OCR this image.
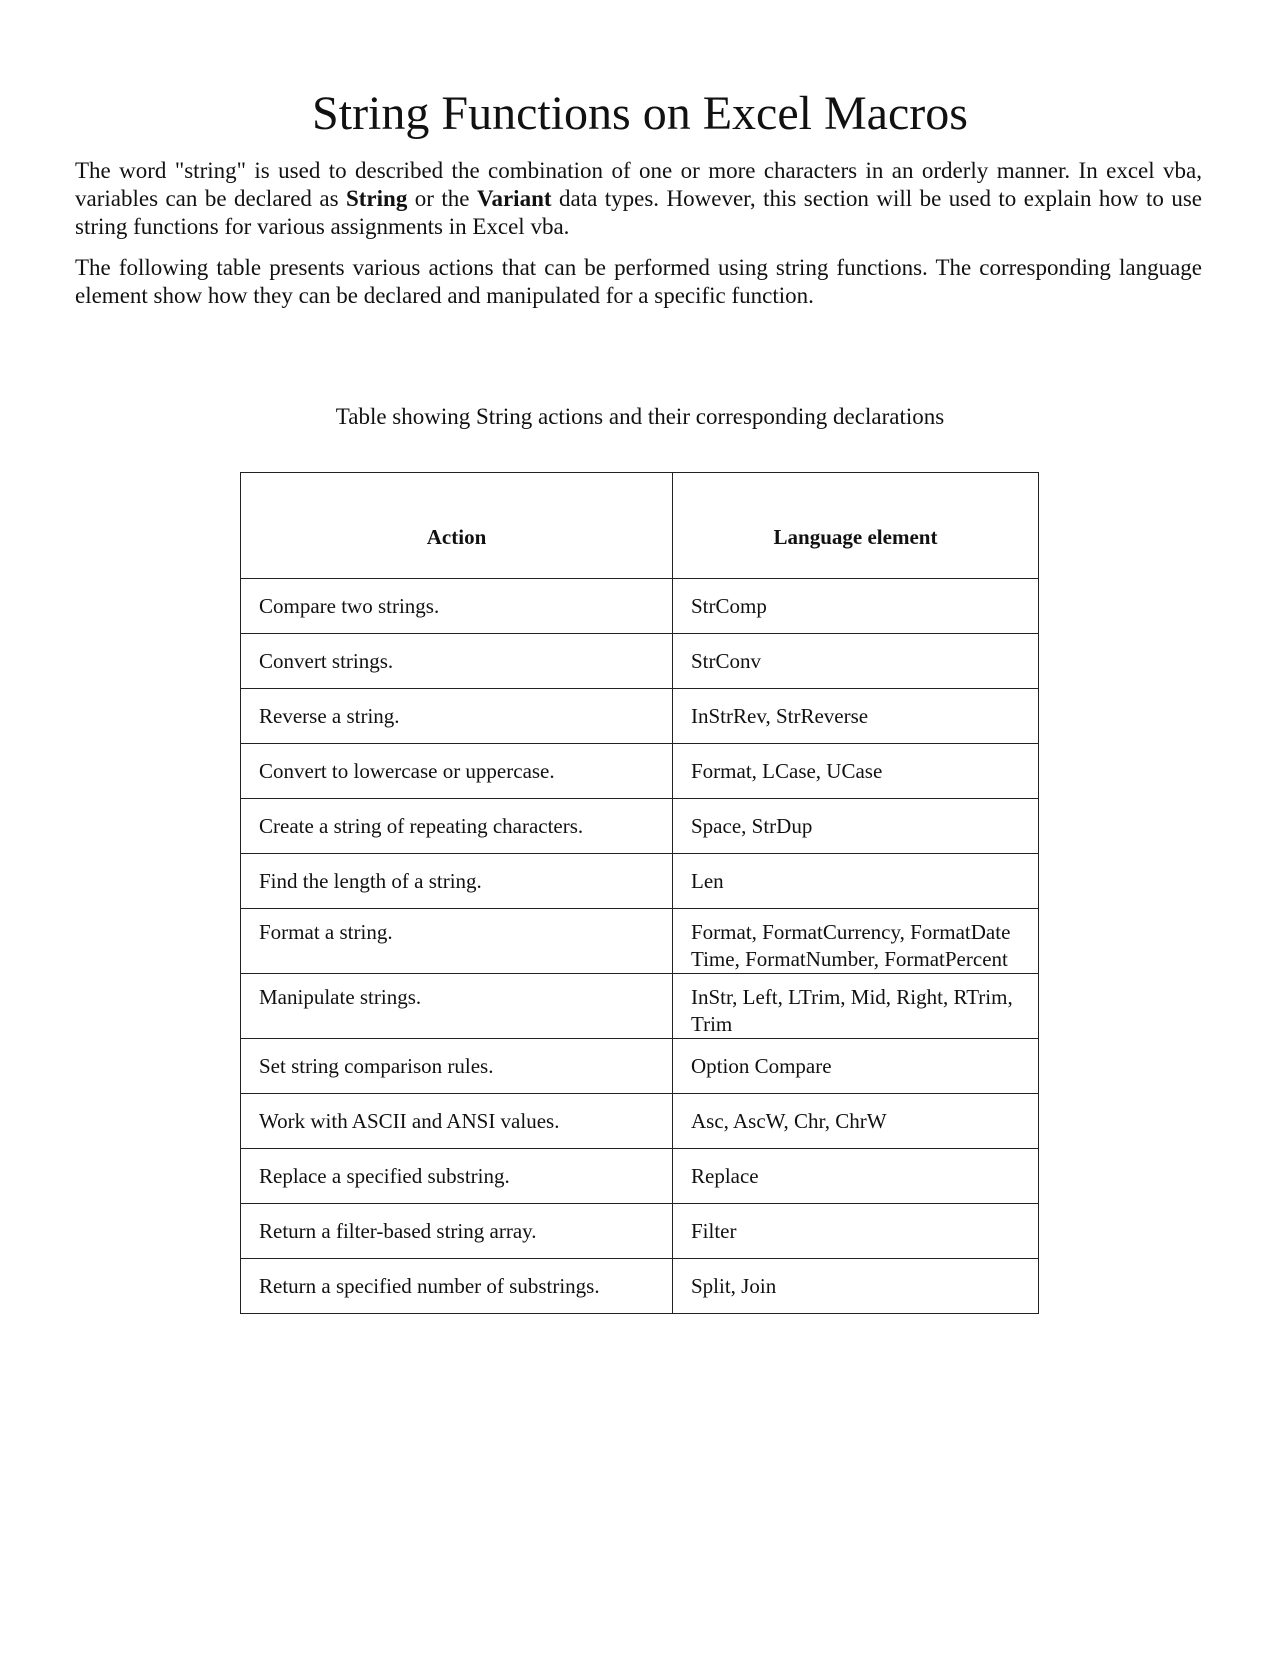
String Functions on Excel Macros

The word "string" is used to described the combination of one or more characters in an orderly manner. In excel vba, variables can be declared as String or the Variant data types. However, this section will be used to explain how to use string functions for various assignments in Excel vba.

The following table presents various actions that can be performed using string functions. The corresponding language element show how they can be declared and manipulated for a specific function.

Table showing String actions and their corresponding declarations
Action	Language element
Compare two strings.	StrComp
Convert strings.	StrConv
Reverse a string.	InStrRev, StrReverse
Convert to lowercase or uppercase.	Format, LCase, UCase
Create a string of repeating characters.	Space, StrDup
Find the length of a string.	Len
Format a string.	Format, FormatCurrency, FormatDateTime, FormatNumber, FormatPercent
Manipulate strings.	InStr, Left, LTrim, Mid, Right, RTrim, Trim
Set string comparison rules.	Option Compare
Work with ASCII and ANSI values.	Asc, AscW, Chr, ChrW
Replace a specified substring.	Replace
Return a filter-based string array.	Filter
Return a specified number of substrings.	Split, Join
